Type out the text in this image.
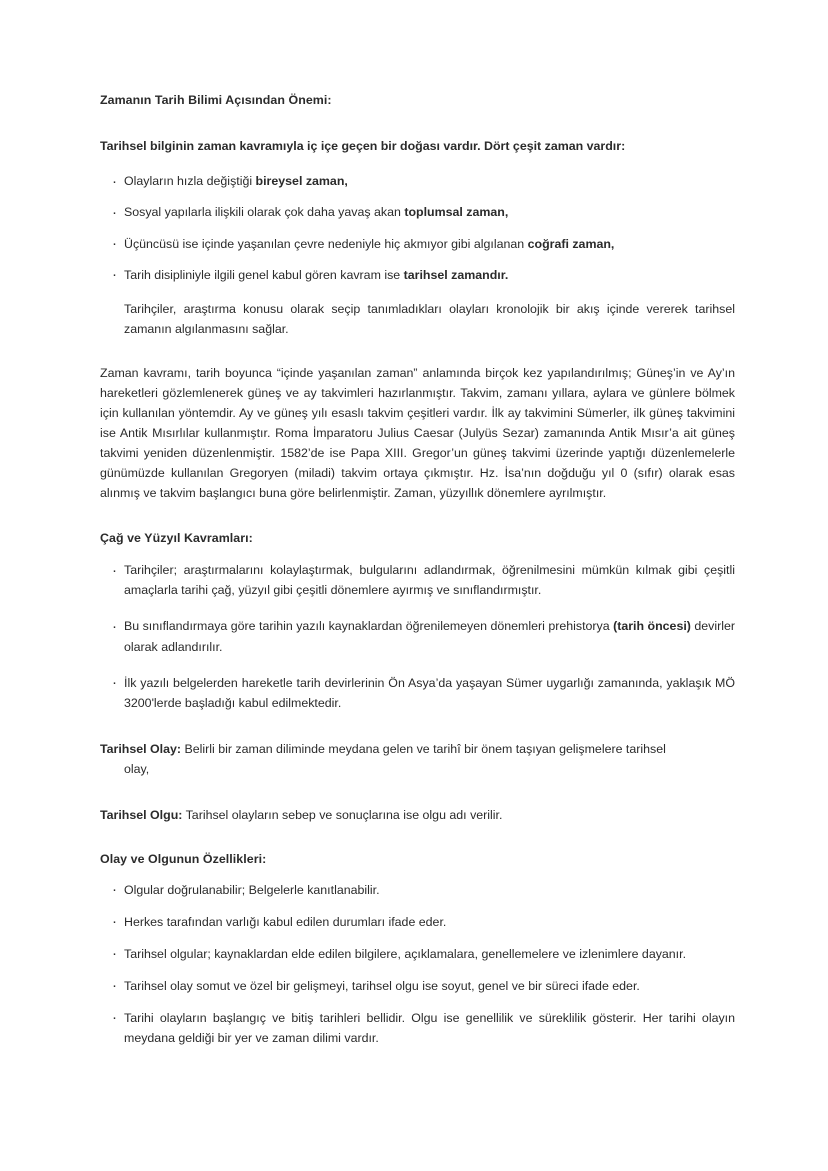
Zamanın Tarih Bilimi Açısından Önemi:

Tarihsel bilginin zaman kavramıyla iç içe geçen bir doğası vardır. Dört çeşit zaman vardır:

· Olayların hızla değiştiği bireysel zaman,
· Sosyal yapılarla ilişkili olarak çok daha yavaş akan toplumsal zaman,
· Üçüncüsü ise içinde yaşanılan çevre nedeniyle hiç akmıyor gibi algılanan coğrafi zaman,
· Tarih disipliniyle ilgili genel kabul gören kavram ise tarihsel zamandır.

Tarihçiler, araştırma konusu olarak seçip tanımladıkları olayları kronolojik bir akış içinde vererek tarihsel zamanın algılanmasını sağlar.

Zaman kavramı, tarih boyunca “içinde yaşanılan zaman” anlamında birçok kez yapılandırılmış; Güneş’in ve Ay’ın hareketleri gözlemlenerek güneş ve ay takvimleri hazırlanmıştır. Takvim, zamanı yıllara, aylara ve günlere bölmek için kullanılan yöntemdir. Ay ve güneş yılı esaslı takvim çeşitleri vardır. İlk ay takvimini Sümerler, ilk güneş takvimini ise Antik Mısırlılar kullanmıştır. Roma İmparatoru Julius Caesar (Julyüs Sezar) zamanında Antik Mısır’a ait güneş takvimi yeniden düzenlenmiştir. 1582’de ise Papa XIII. Gregor’un güneş takvimi üzerinde yaptığı düzenlemelerle günümüzde kullanılan Gregoryen (miladi) takvim ortaya çıkmıştır. Hz. İsa’nın doğduğu yıl 0 (sıfır) olarak esas alınmış ve takvim başlangıcı buna göre belirlenmiştir. Zaman, yüzyıllık dönemlere ayrılmıştır.

Çağ ve Yüzyıl Kavramları:
· Tarihçiler; araştırmalarını kolaylaştırmak, bulgularını adlandırmak, öğrenilmesini mümkün kılmak gibi çeşitli amaçlarla tarihi çağ, yüzyıl gibi çeşitli dönemlere ayırmış ve sınıflandırmıştır.
· Bu sınıflandırmaya göre tarihin yazılı kaynaklardan öğrenilemeyen dönemleri prehistorya (tarih öncesi) devirler olarak adlandırılır.
· İlk yazılı belgelerden hareketle tarih devirlerinin Ön Asya’da yaşayan Sümer uygarlığı zamanında, yaklaşık MÖ 3200'lerde başladığı kabul edilmektedir.

Tarihsel Olay: Belirli bir zaman diliminde meydana gelen ve tarihî bir önem taşıyan gelişmelere tarihsel
olay,

Tarihsel Olgu: Tarihsel olayların sebep ve sonuçlarına ise olgu adı verilir.

Olay ve Olgunun Özellikleri:
· Olgular doğrulanabilir; Belgelerle kanıtlanabilir.
· Herkes tarafından varlığı kabul edilen durumları ifade eder.
· Tarihsel olgular; kaynaklardan elde edilen bilgilere, açıklamalara, genellemelere ve izlenimlere dayanır.
· Tarihsel olay somut ve özel bir gelişmeyi, tarihsel olgu ise soyut, genel ve bir süreci ifade eder.
· Tarihi olayların başlangıç ve bitiş tarihleri bellidir. Olgu ise genellilik ve süreklilik gösterir. Her tarihi olayın meydana geldiği bir yer ve zaman dilimi vardır.
